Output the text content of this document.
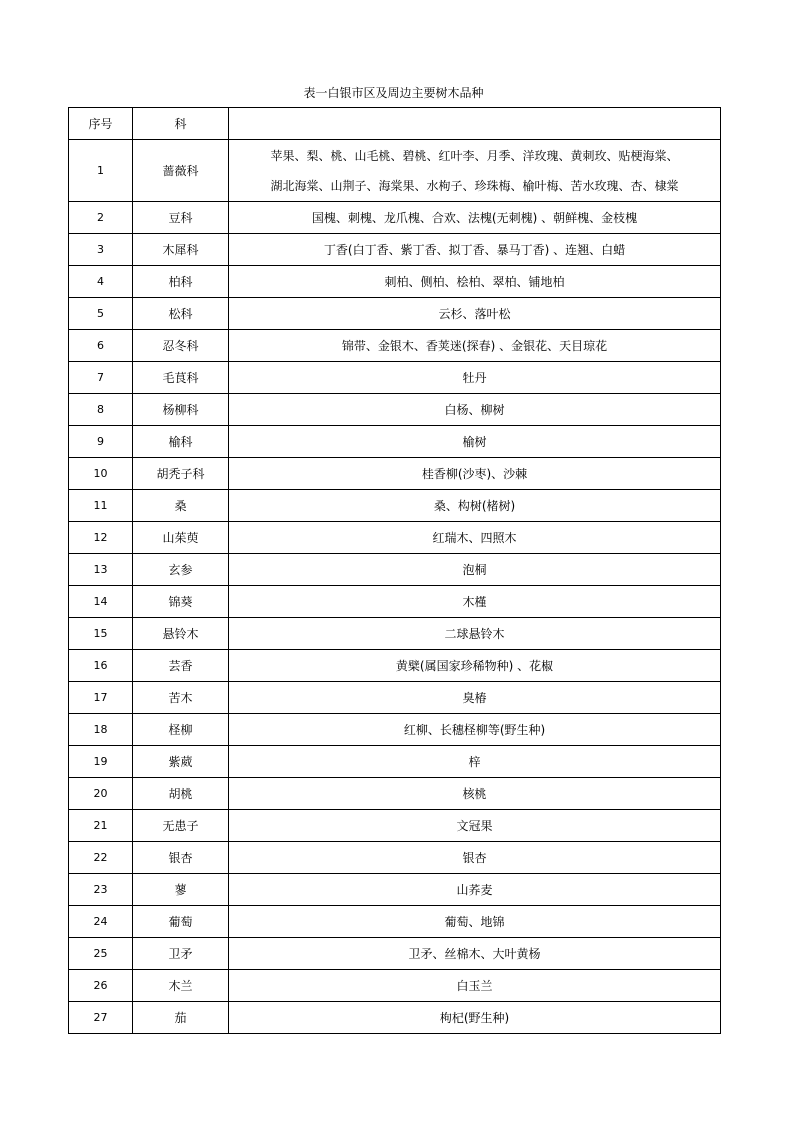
表一白银市区及周边主要树木品种
序号	科	
1	蔷薇科	苹果、梨、桃、山毛桃、碧桃、红叶李、月季、洋玫瑰、黄刺玫、贴梗海棠、
湖北海棠、山荆子、海棠果、水枸子、珍珠梅、榆叶梅、苦水玫瑰、杏、棣棠

2	豆科	国槐、刺槐、龙爪槐、合欢、法槐(无刺槐) 、朝鲜槐、金枝槐

3	木犀科	丁香(白丁香、紫丁香、拟丁香、暴马丁香) 、连翘、白蜡

4	柏科	刺柏、侧柏、桧柏、翠柏、铺地柏

5	松科	云杉、落叶松

6	忍冬科	锦带、金银木、香荚迷(探春) 、金银花、天目琼花

7	毛茛科	牡丹

8	杨柳科	白杨、柳树

9	榆科	榆树

10	胡秃子科	桂香柳(沙枣)、沙棘

11	桑	桑、构树(楮树)

12	山茱萸	红瑞木、四照木

13	玄参	泡桐

14	锦葵	木槿

15	悬铃木	二球悬铃木

16	芸香	黄檗(属国家珍稀物种) 、花椒

17	苦木	臭椿

18	柽柳	红柳、长穗柽柳等(野生种)

19	紫葳	梓

20	胡桃	核桃

21	无患子	文冠果

22	银杏	银杏

23	蓼	山荞麦

24	葡萄	葡萄、地锦

25	卫矛	卫矛、丝棉木、大叶黄杨

26	木兰	白玉兰

27	茄	枸杞(野生种)
